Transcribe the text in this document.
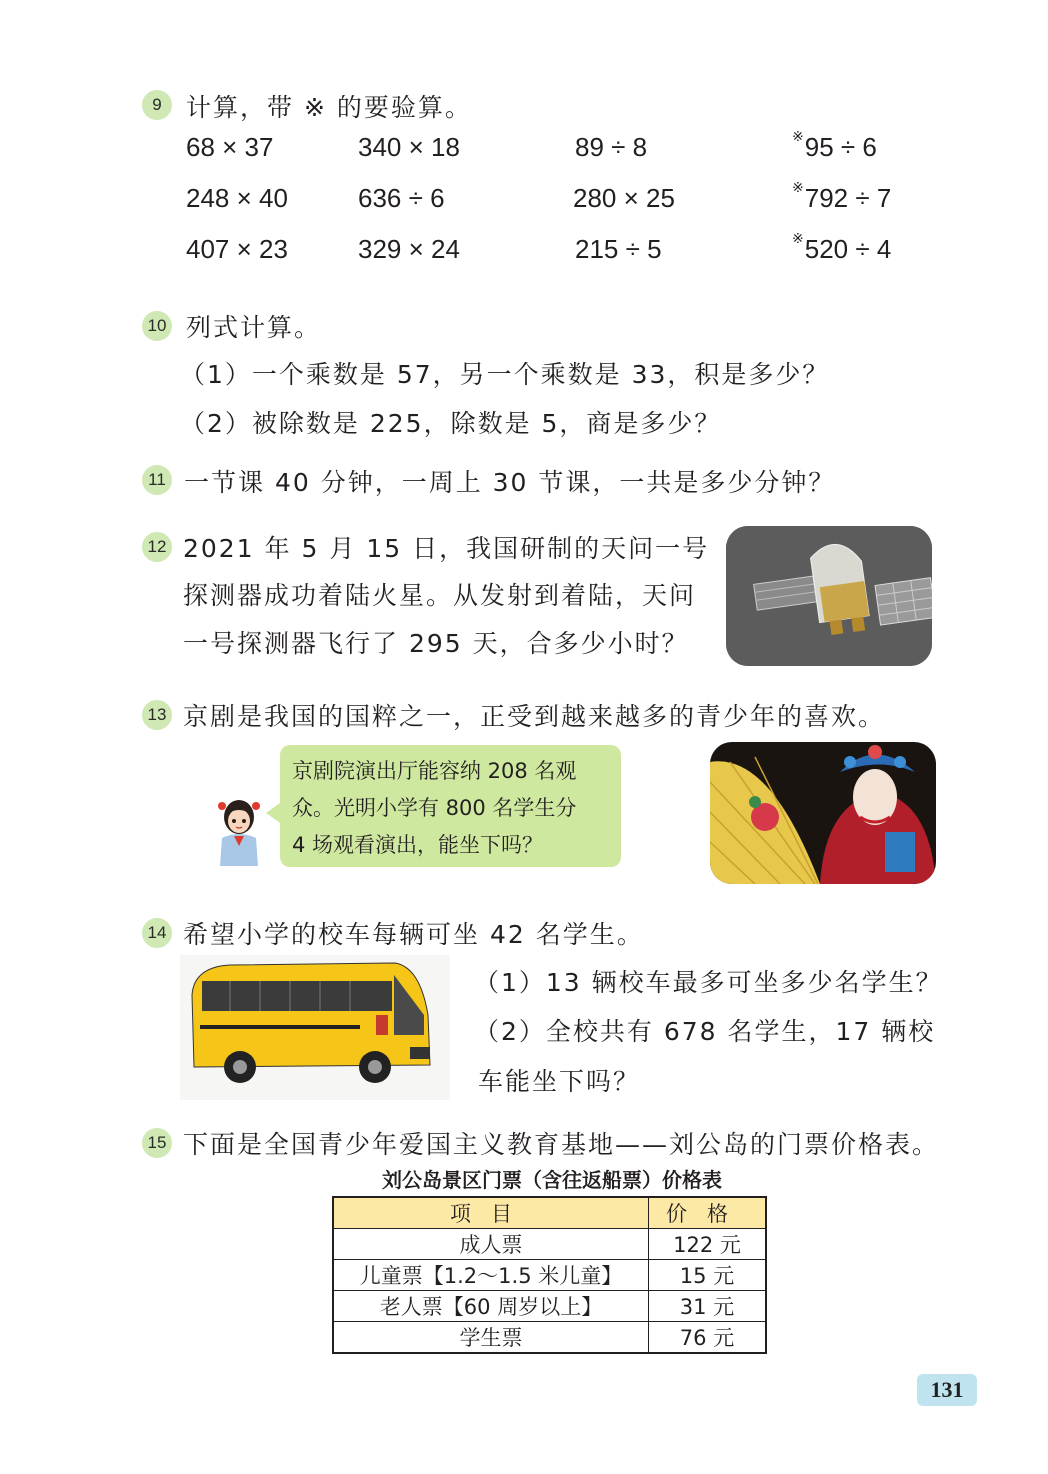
9 计算，带 ※ 的要验算。
68 × 37	340 × 18	89 ÷ 8	※95 ÷ 6
248 × 40	636 ÷ 6	280 × 25	※792 ÷ 7
407 × 23	329 × 24	215 ÷ 5	※520 ÷ 4
10 列式计算。
（1）一个乘数是 57，另一个乘数是 33，积是多少？
（2）被除数是 225，除数是 5，商是多少？
11 一节课 40 分钟，一周上 30 节课，一共是多少分钟？
12 2021 年 5 月 15 日，我国研制的天问一号
探测器成功着陆火星。从发射到着陆，天问
一号探测器飞行了 295 天，合多少小时？
13 京剧是我国的国粹之一，正受到越来越多的青少年的喜欢。
京剧院演出厅能容纳 208 名观
众。光明小学有 800 名学生分
4 场观看演出，能坐下吗？
14 希望小学的校车每辆可坐 42 名学生。
（1）13 辆校车最多可坐多少名学生？
（2）全校共有 678 名学生，17 辆校
车能坐下吗？
15 下面是全国青少年爱国主义教育基地——刘公岛的门票价格表。
刘公岛景区门票（含往返船票）价格表
项目	价格
成人票	122 元
儿童票【1.2～1.5 米儿童】	15 元
老人票【60 周岁以上】	31 元
学生票	76 元
131
